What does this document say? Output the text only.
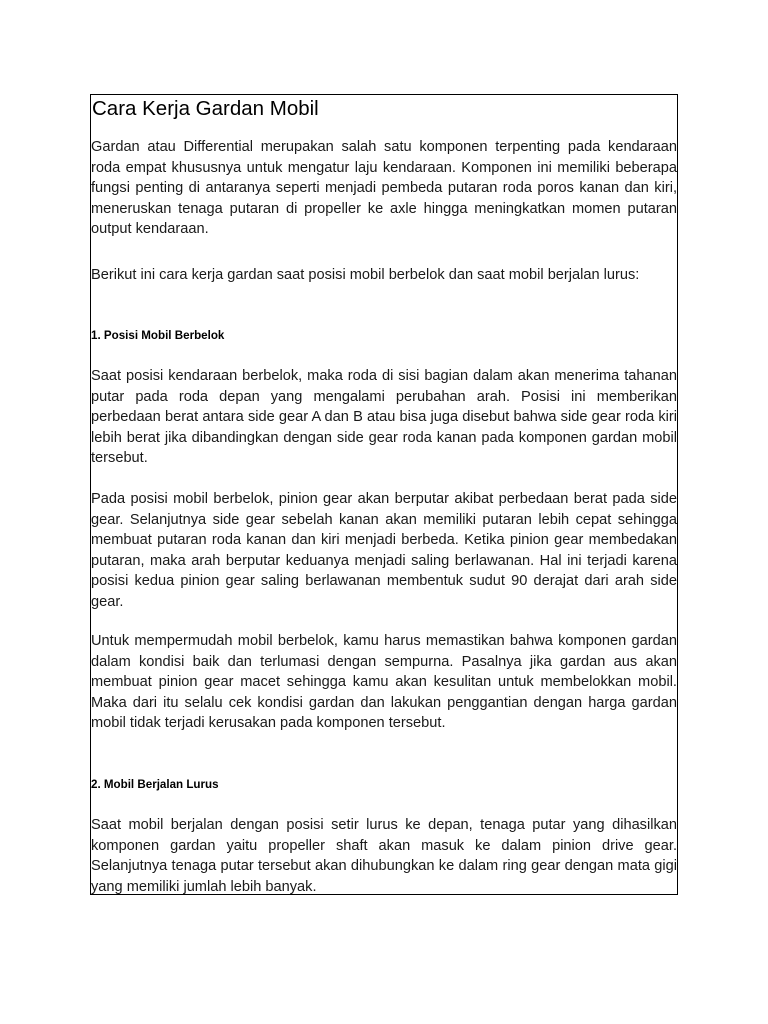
Cara Kerja Gardan Mobil

Gardan atau Differential merupakan salah satu komponen terpenting pada kendaraan roda empat khususnya untuk mengatur laju kendaraan. Komponen ini memiliki beberapa fungsi penting di antaranya seperti menjadi pembeda putaran roda poros kanan dan kiri, meneruskan tenaga putaran di propeller ke axle hingga meningkatkan momen putaran output kendaraan.

Berikut ini cara kerja gardan saat posisi mobil berbelok dan saat mobil berjalan lurus:

1. Posisi Mobil Berbelok

Saat posisi kendaraan berbelok, maka roda di sisi bagian dalam akan menerima tahanan putar pada roda depan yang mengalami perubahan arah. Posisi ini memberikan perbedaan berat antara side gear A dan B atau bisa juga disebut bahwa side gear roda kiri lebih berat jika dibandingkan dengan side gear roda kanan pada komponen gardan mobil tersebut.

Pada posisi mobil berbelok, pinion gear akan berputar akibat perbedaan berat pada side gear. Selanjutnya side gear sebelah kanan akan memiliki putaran lebih cepat sehingga membuat putaran roda kanan dan kiri menjadi berbeda. Ketika pinion gear membedakan putaran, maka arah berputar keduanya menjadi saling berlawanan. Hal ini terjadi karena posisi kedua pinion gear saling berlawanan membentuk sudut 90 derajat dari arah side gear.

Untuk mempermudah mobil berbelok, kamu harus memastikan bahwa komponen gardan dalam kondisi baik dan terlumasi dengan sempurna. Pasalnya jika gardan aus akan membuat pinion gear macet sehingga kamu akan kesulitan untuk membelokkan mobil. Maka dari itu selalu cek kondisi gardan dan lakukan penggantian dengan harga gardan mobil tidak terjadi kerusakan pada komponen tersebut.

2. Mobil Berjalan Lurus

Saat mobil berjalan dengan posisi setir lurus ke depan, tenaga putar yang dihasilkan komponen gardan yaitu propeller shaft akan masuk ke dalam pinion drive gear. Selanjutnya tenaga putar tersebut akan dihubungkan ke dalam ring gear dengan mata gigi yang memiliki jumlah lebih banyak.
